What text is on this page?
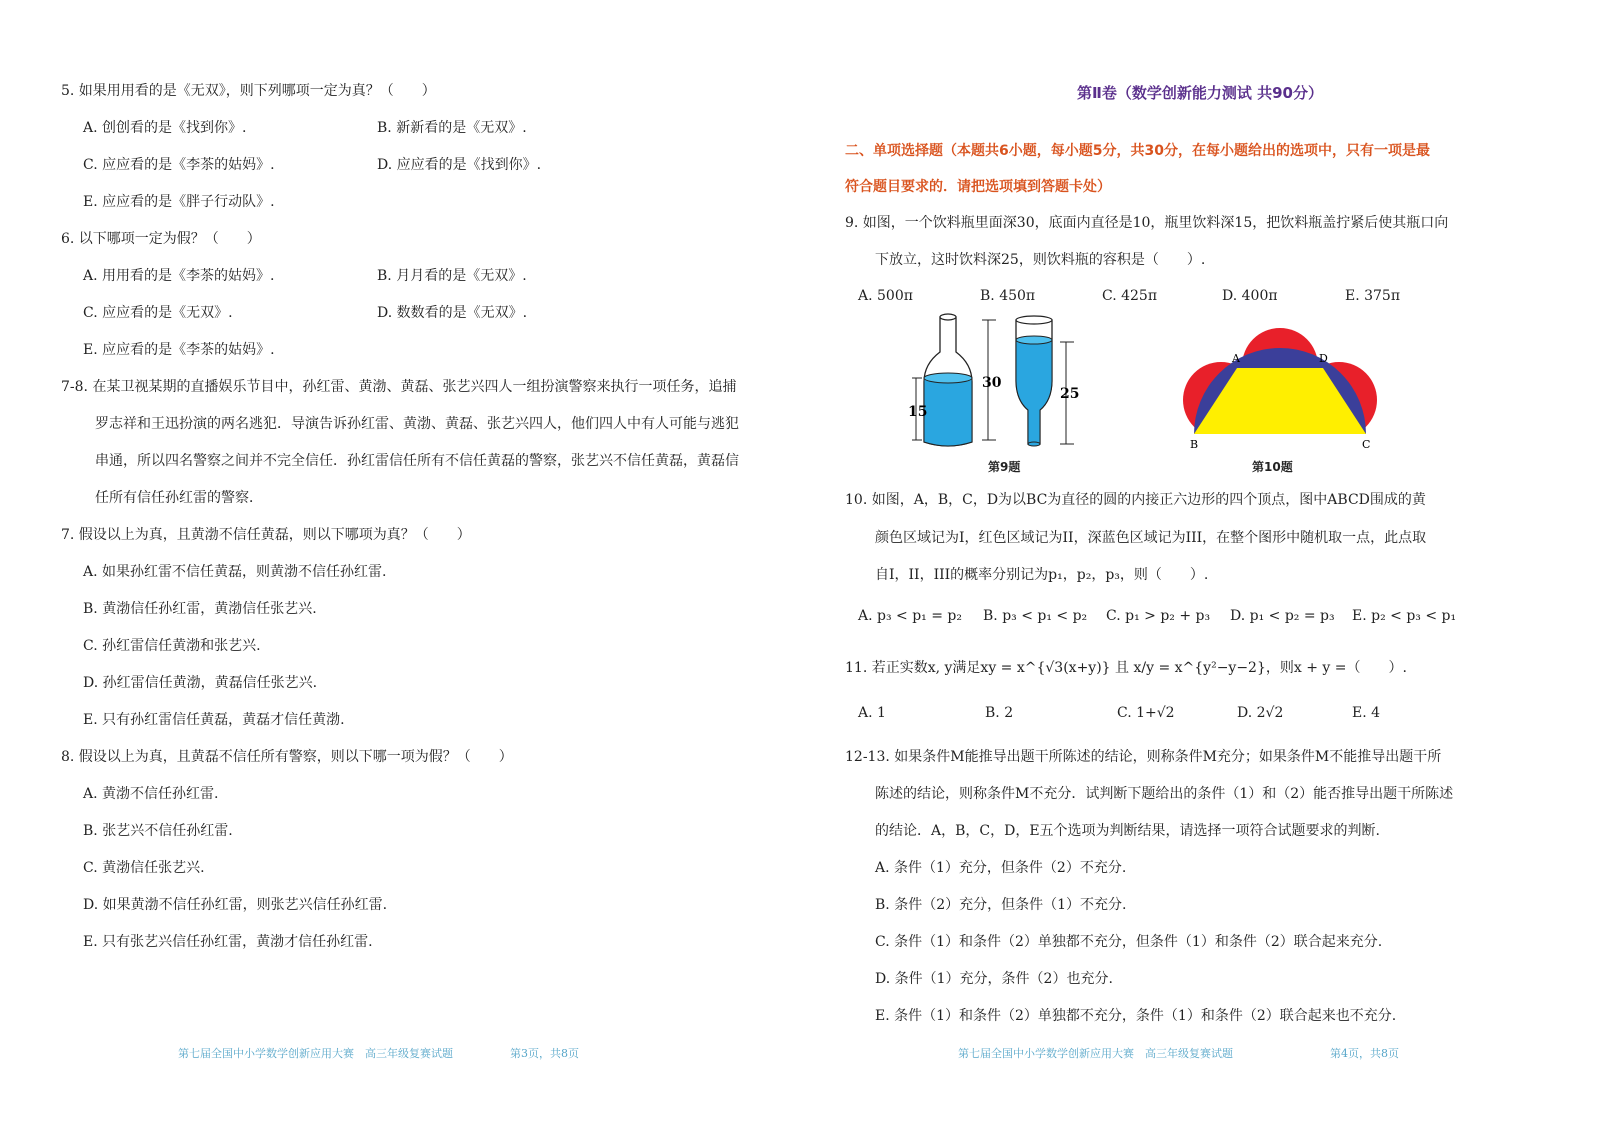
5. 如果用用看的是《无双》，则下列哪项一定为真？（　　）
A. 创创看的是《找到你》.	B. 新新看的是《无双》.
C. 应应看的是《李茶的姑妈》.	D. 应应看的是《找到你》.
E. 应应看的是《胖子行动队》.
6. 以下哪项一定为假？（　　）
A. 用用看的是《李茶的姑妈》.	B. 月月看的是《无双》.
C. 应应看的是《无双》.	D. 数数看的是《无双》.
E. 应应看的是《李茶的姑妈》.
7-8. 在某卫视某期的直播娱乐节目中，孙红雷、黄渤、黄磊、张艺兴四人一组扮演警察来执行一项任务，追捕
罗志祥和王迅扮演的两名逃犯．导演告诉孙红雷、黄渤、黄磊、张艺兴四人，他们四人中有人可能与逃犯
串通，所以四名警察之间并不完全信任．孙红雷信任所有不信任黄磊的警察，张艺兴不信任黄磊，黄磊信
任所有信任孙红雷的警察．
7. 假设以上为真，且黄渤不信任黄磊，则以下哪项为真？（　　）
A. 如果孙红雷不信任黄磊，则黄渤不信任孙红雷.
B. 黄渤信任孙红雷，黄渤信任张艺兴.
C. 孙红雷信任黄渤和张艺兴.
D. 孙红雷信任黄渤，黄磊信任张艺兴.
E. 只有孙红雷信任黄磊，黄磊才信任黄渤.
8. 假设以上为真，且黄磊不信任所有警察，则以下哪一项为假？（　　）
A. 黄渤不信任孙红雷.
B. 张艺兴不信任孙红雷.
C. 黄渤信任张艺兴.
D. 如果黄渤不信任孙红雷，则张艺兴信任孙红雷.
E. 只有张艺兴信任孙红雷，黄渤才信任孙红雷.
第七届全国中小学数学创新应用大赛　高三年级复赛试题	第3页，共8页
第Ⅱ卷（数学创新能力测试 共90分）
二、单项选择题（本题共6小题，每小题5分，共30分，在每小题给出的选项中，只有一项是最
符合题目要求的．请把选项填到答题卡处）
9. 如图，一个饮料瓶里面深30，底面内直径是10，瓶里饮料深15，把饮料瓶盖拧紧后使其瓶口向
下放立，这时饮料深25，则饮料瓶的容积是（　　）.
A. 500π	B. 450π	C. 425π	D. 400π	E. 375π
30
15
25
第9题
A	D
B	C
第10题
10. 如图，A，B，C，D为以BC为直径的圆的内接正六边形的四个顶点，图中ABCD围成的黄
颜色区域记为I，红色区域记为II，深蓝色区域记为III，在整个图形中随机取一点，此点取
自I，II，III的概率分别记为p₁，p₂，p₃，则（　　）.
A. p₃ < p₁ = p₂ B. p₃ < p₁ < p₂ C. p₁ > p₂ + p₃ D. p₁ < p₂ = p₃ E. p₂ < p₃ < p₁
11. 若正实数x, y满足xy = x^{√3(x+y)} 且 x/y = x^{y²−y−2}，则x + y =（　　）.
A. 1	B. 2	C. 1+√2	D. 2√2	E. 4
12-13. 如果条件M能推导出题干所陈述的结论，则称条件M充分；如果条件M不能推导出题干所
陈述的结论，则称条件M不充分．试判断下题给出的条件（1）和（2）能否推导出题干所陈述
的结论．A，B，C，D，E五个选项为判断结果，请选择一项符合试题要求的判断.
A. 条件（1）充分，但条件（2）不充分.
B. 条件（2）充分，但条件（1）不充分.
C. 条件（1）和条件（2）单独都不充分，但条件（1）和条件（2）联合起来充分.
D. 条件（1）充分，条件（2）也充分.
E. 条件（1）和条件（2）单独都不充分，条件（1）和条件（2）联合起来也不充分.
第七届全国中小学数学创新应用大赛　高三年级复赛试题	第4页，共8页
